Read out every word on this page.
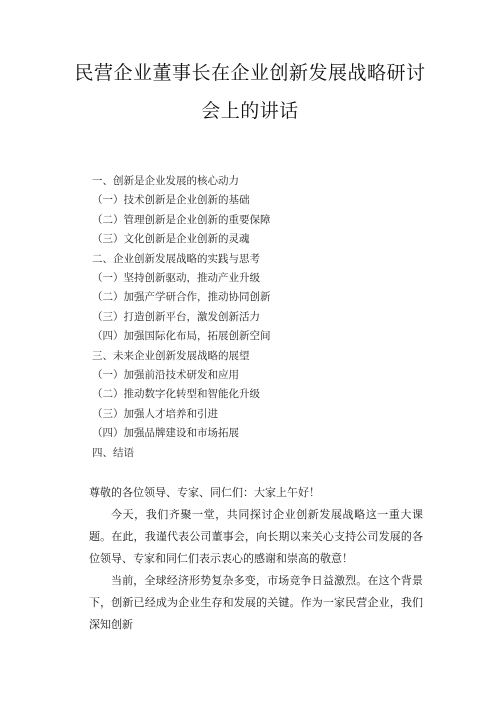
民营企业董事长在企业创新发展战略研讨
会上的讲话
一、创新是企业发展的核心动力
（一）技术创新是企业创新的基础
（二）管理创新是企业创新的重要保障
（三）文化创新是企业创新的灵魂
二、企业创新发展战略的实践与思考
（一）坚持创新驱动，推动产业升级
（二）加强产学研合作，推动协同创新
（三）打造创新平台，激发创新活力
（四）加强国际化布局，拓展创新空间
三、未来企业创新发展战略的展望
（一）加强前沿技术研发和应用
（二）推动数字化转型和智能化升级
（三）加强人才培养和引进
（四）加强品牌建设和市场拓展
四、结语

尊敬的各位领导、专家、同仁们：大家上午好！

今天，我们齐聚一堂，共同探讨企业创新发展战略这一重大课题。在此，我谨代表公司董事会，向长期以来关心支持公司发展的各位领导、专家和同仁们表示衷心的感谢和崇高的敬意！

当前，全球经济形势复杂多变，市场竞争日益激烈。在这个背景下，创新已经成为企业生存和发展的关键。作为一家民营企业，我们深知创新
